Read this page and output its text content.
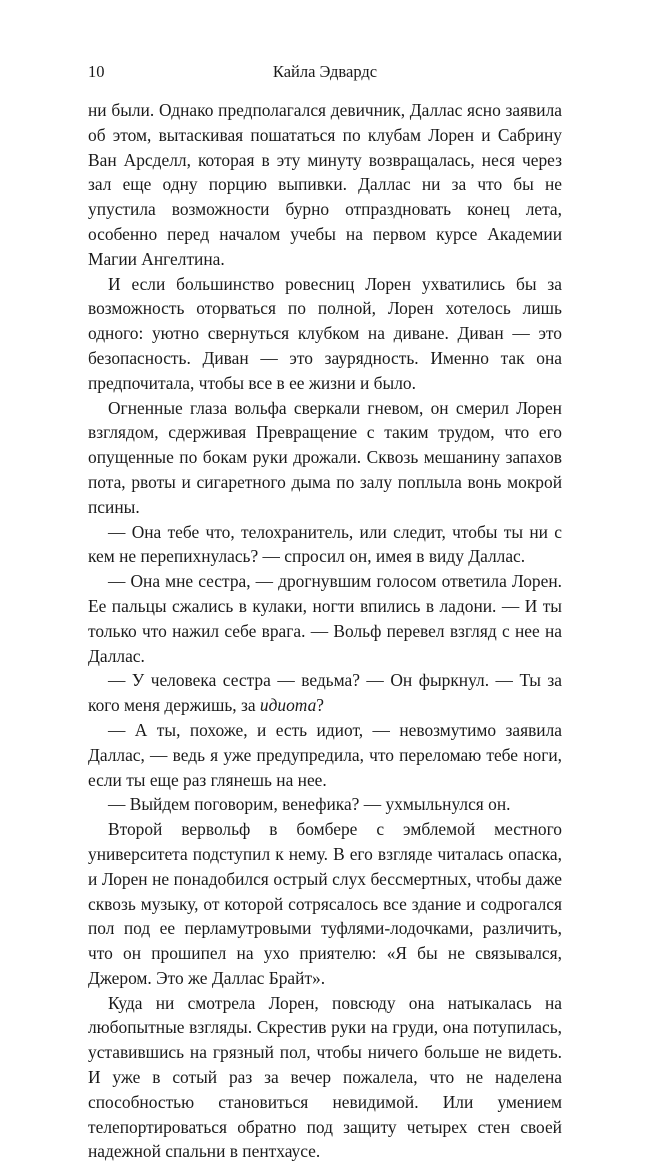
10	Кайла Эдвардс

ни были. Однако предполагался девичник, Даллас ясно заявила об этом, вытаскивая пошататься по клубам Лорен и Сабрину Ван Арсделл, которая в эту минуту возвращалась, неся через зал еще одну порцию выпивки. Даллас ни за что бы не упустила возможности бурно отпраздновать конец лета, особенно перед началом учебы на первом курсе Академии Магии Ангелтина.

И если большинство ровесниц Лорен ухватились бы за возможность оторваться по полной, Лорен хотелось лишь одного: уютно свернуться клубком на диване. Диван — это безопасность. Диван — это заурядность. Именно так она предпочитала, чтобы все в ее жизни и было.

Огненные глаза вольфа сверкали гневом, он смерил Лорен взглядом, сдерживая Превращение с таким трудом, что его опущенные по бокам руки дрожали. Сквозь мешанину запахов пота, рвоты и сигаретного дыма по залу поплыла вонь мокрой псины.

— Она тебе что, телохранитель, или следит, чтобы ты ни с кем не перепихнулась? — спросил он, имея в виду Даллас.

— Она мне сестра, — дрогнувшим голосом ответила Лорен. Ее пальцы сжались в кулаки, ногти впились в ладони. — И ты только что нажил себе врага. — Вольф перевел взгляд с нее на Даллас.

— У человека сестра — ведьма? — Он фыркнул. — Ты за кого меня держишь, за идиота?

— А ты, похоже, и есть идиот, — невозмутимо заявила Даллас, — ведь я уже предупредила, что переломаю тебе ноги, если ты еще раз глянешь на нее.

— Выйдем поговорим, венефика? — ухмыльнулся он.

Второй вервольф в бомбере с эмблемой местного университета подступил к нему. В его взгляде читалась опаска, и Лорен не понадобился острый слух бессмертных, чтобы даже сквозь музыку, от которой сотрясалось все здание и содрогался пол под ее перламутровыми туфлями-лодочками, различить, что он прошипел на ухо приятелю: «Я бы не связывался, Джером. Это же Даллас Брайт».

Куда ни смотрела Лорен, повсюду она натыкалась на любопытные взгляды. Скрестив руки на груди, она потупилась, уставившись на грязный пол, чтобы ничего больше не видеть. И уже в сотый раз за вечер пожалела, что не наделена способностью становиться невидимой. Или умением телепортироваться обратно под защиту четырех стен своей надежной спальни в пентхаусе.
